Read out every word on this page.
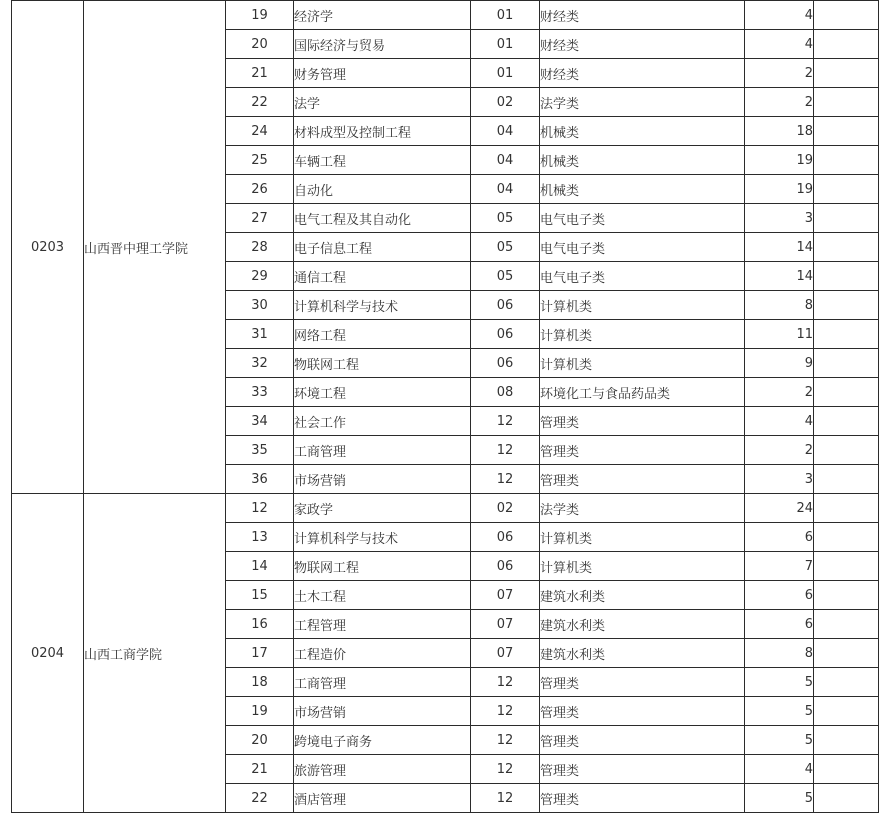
0203	山西晋中理工学院	19	经济学	01	财经类	4	
		20	国际经济与贸易	01	财经类	4	
		21	财务管理	01	财经类	2	
		22	法学	02	法学类	2	
		24	材料成型及控制工程	04	机械类	18	
		25	车辆工程	04	机械类	19	
		26	自动化	04	机械类	19	
		27	电气工程及其自动化	05	电气电子类	3	
		28	电子信息工程	05	电气电子类	14	
		29	通信工程	05	电气电子类	14	
		30	计算机科学与技术	06	计算机类	8	
		31	网络工程	06	计算机类	11	
		32	物联网工程	06	计算机类	9	
		33	环境工程	08	环境化工与食品药品类	2	
		34	社会工作	12	管理类	4	
		35	工商管理	12	管理类	2	
		36	市场营销	12	管理类	3	
0204	山西工商学院	12	家政学	02	法学类	24	
		13	计算机科学与技术	06	计算机类	6	
		14	物联网工程	06	计算机类	7	
		15	土木工程	07	建筑水利类	6	
		16	工程管理	07	建筑水利类	6	
		17	工程造价	07	建筑水利类	8	
		18	工商管理	12	管理类	5	
		19	市场营销	12	管理类	5	
		20	跨境电子商务	12	管理类	5	
		21	旅游管理	12	管理类	4	
		22	酒店管理	12	管理类	5	
